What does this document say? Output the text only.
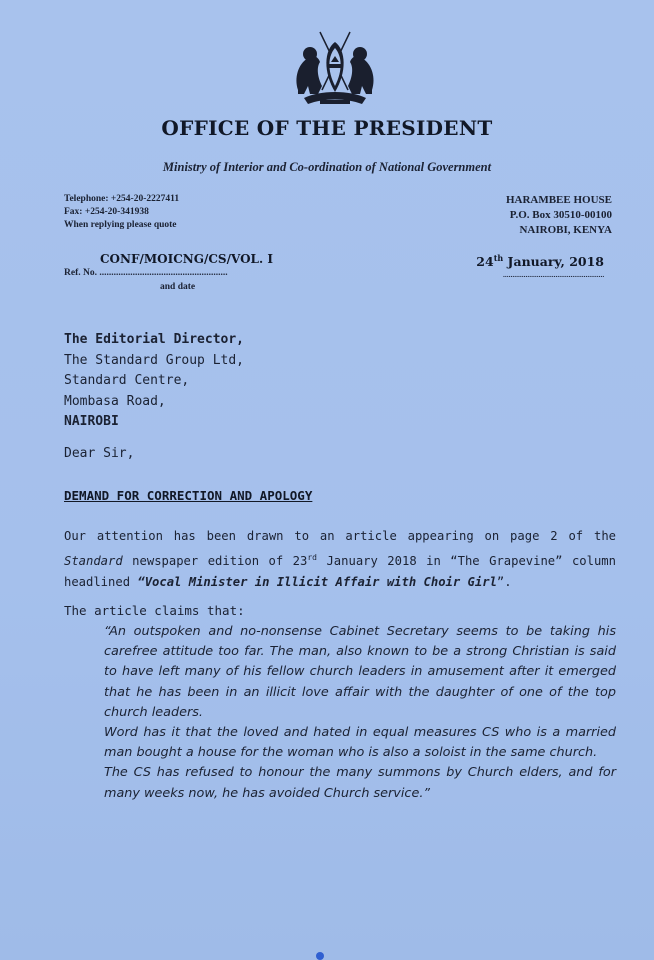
OFFICE OF THE PRESIDENT
Ministry of Interior and Co-ordination of National Government
Telephone: +254-20-2227411
Fax: +254-20-341938
When replying please quote
HARAMBEE HOUSE
P.O. Box 30510-00100
NAIROBI, KENYA
CONF/MOICNG/CS/VOL. I
Ref. No. ......................................................
and date
24th January, 2018
......................................................
The Editorial Director,
The Standard Group Ltd,
Standard Centre,
Mombasa Road,
NAIROBI
Dear Sir,
DEMAND FOR CORRECTION AND APOLOGY
Our attention has been drawn to an article appearing on page 2 of the Standard newspaper edition of 23rd January 2018 in “The Grapevine” column headlined “Vocal Minister in Illicit Affair with Choir Girl”.
The article claims that:

“An outspoken and no-nonsense Cabinet Secretary seems to be taking his carefree attitude too far. The man, also known to be a strong Christian is said to have left many of his fellow church leaders in amusement after it emerged that he has been in an illicit love affair with the daughter of one of the top church leaders.

Word has it that the loved and hated in equal measures CS who is a married man bought a house for the woman who is also a soloist in the same church.

The CS has refused to honour the many summons by Church elders, and for many weeks now, he has avoided Church service.”
